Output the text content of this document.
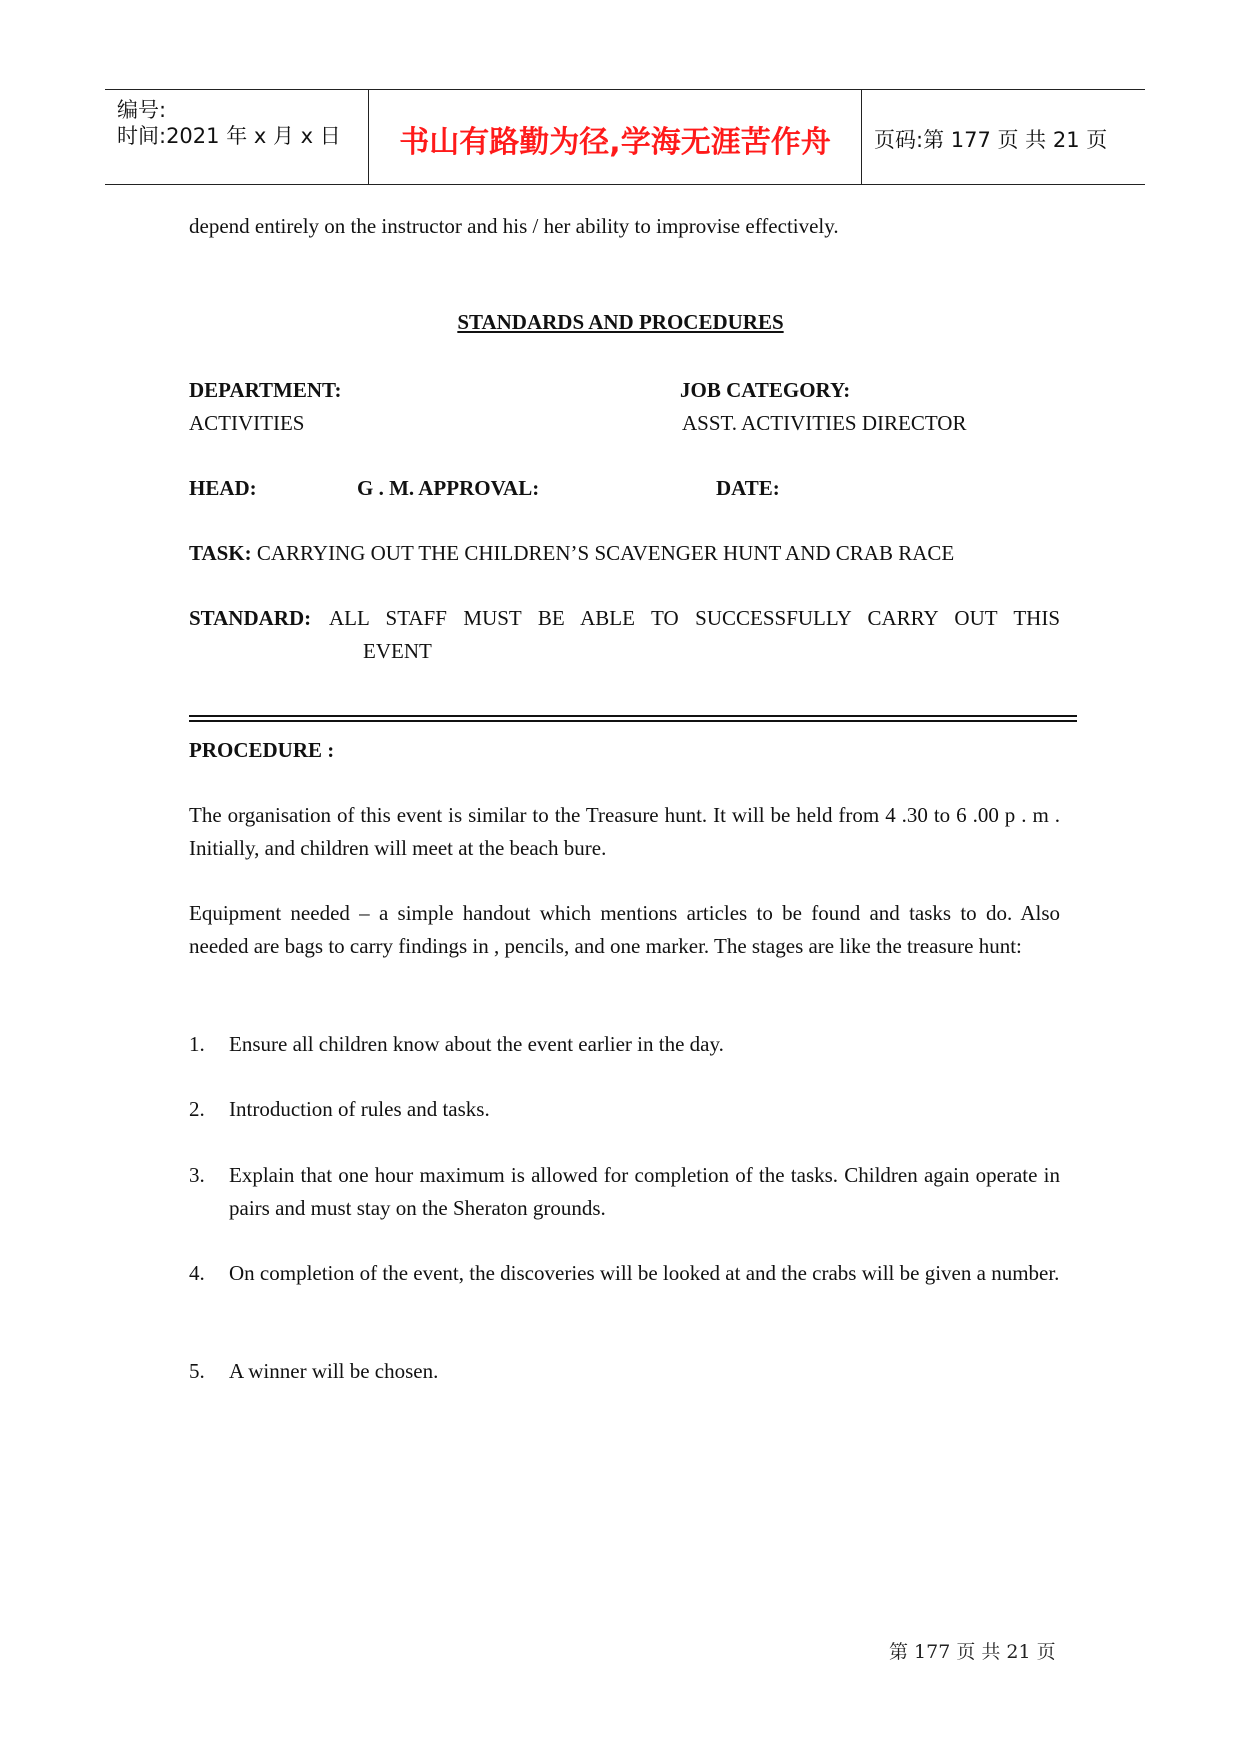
编号:
时间:2021 年 x 月 x 日	书山有路勤为径,学海无涯苦作舟	页码:第 177 页 共 21 页
depend entirely on the instructor and his / her ability to improvise effectively.
STANDARDS AND PROCEDURES
DEPARTMENT:
ACTIVITIES
JOB CATEGORY:
ASST. ACTIVITIES DIRECTOR
HEAD:	G . M. APPROVAL:	DATE:
TASK: CARRYING OUT THE CHILDREN’S SCAVENGER HUNT AND CRAB RACE
STANDARD: ALL STAFF MUST BE ABLE TO SUCCESSFULLY CARRY OUT THIS
EVENT
PROCEDURE :
The organisation of this event is similar to the Treasure hunt. It will be held from 4 .30 to 6 .00 p . m . Initially, and children will meet at the beach bure.
Equipment needed – a simple handout which mentions articles to be found and tasks to do. Also needed are bags to carry findings in , pencils, and one marker. The stages are like the treasure hunt:
1. Ensure all children know about the event earlier in the day.
2. Introduction of rules and tasks.
3. Explain that one hour maximum is allowed for completion of the tasks. Children again operate in pairs and must stay on the Sheraton grounds.
4. On completion of the event, the discoveries will be looked at and the crabs will be given a number.
5. A winner will be chosen.
第 177 页 共 21 页
